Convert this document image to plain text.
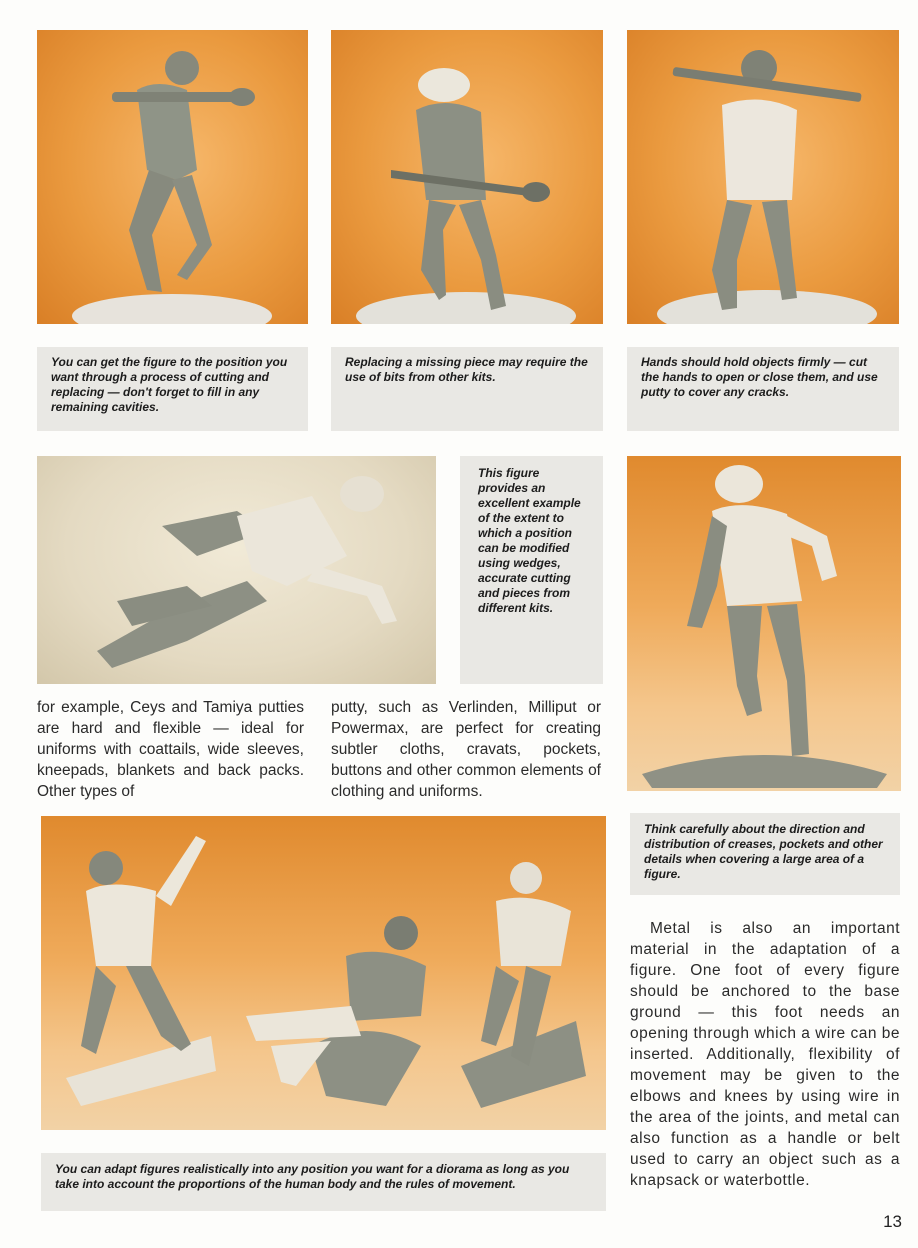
You can get the figure to the position you want through a process of cutting and replacing — don't forget to fill in any remaining cavities.
Replacing a missing piece may require the use of bits from other kits.
Hands should hold objects firmly — cut the hands to open or close them, and use putty to cover any cracks.
This figure provides an excellent example of the extent to which a position can be modified using wedges, accurate cutting and pieces from different kits.
for example, Ceys and Tamiya putties are hard and flexible — ideal for uniforms with coattails, wide sleeves, kneepads, blankets and back packs. Other types of
putty, such as Verlinden, Milliput or Powermax, are perfect for creating subtler cloths, cravats, pockets, buttons and other common elements of clothing and uniforms.
Think carefully about the direction and distribution of creases, pockets and other details when covering a large area of a figure.
Metal is also an important material in the adaptation of a figure. One foot of every figure should be anchored to the base ground — this foot needs an opening through which a wire can be inserted. Additionally, flexibility of movement may be given to the elbows and knees by using wire in the area of the joints, and metal can also function as a handle or belt used to carry an object such as a knapsack or waterbottle.
You can adapt figures realistically into any position you want for a diorama as long as you take into account the proportions of the human body and the rules of movement.
13
